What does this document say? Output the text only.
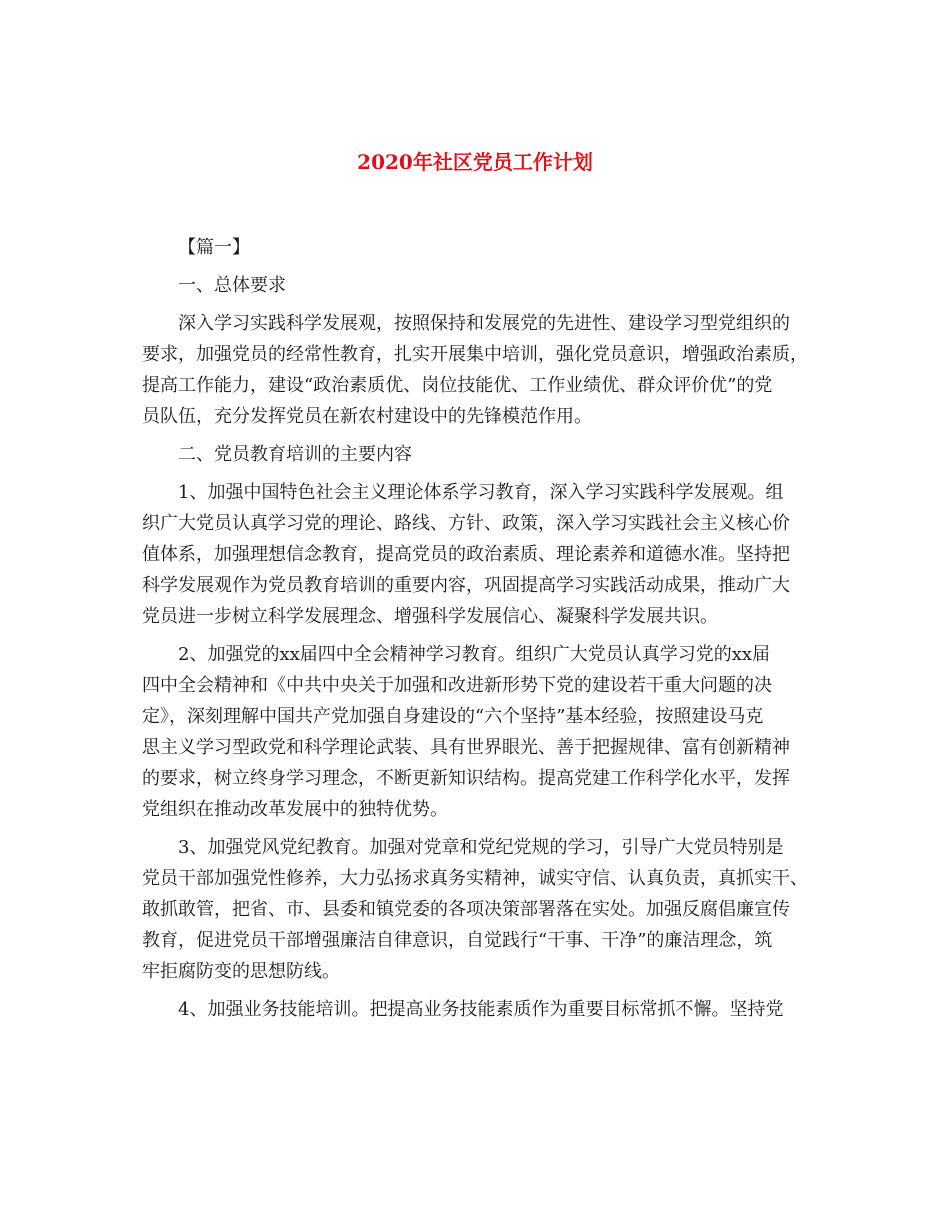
2020年社区党员工作计划
【篇一】
一、总体要求
深入学习实践科学发展观，按照保持和发展党的先进性、建设学习型党组织的
要求，加强党员的经常性教育，扎实开展集中培训，强化党员意识，增强政治素质，
提高工作能力，建设“政治素质优、岗位技能优、工作业绩优、群众评价优”的党
员队伍，充分发挥党员在新农村建设中的先锋模范作用。
二、党员教育培训的主要内容
1、加强中国特色社会主义理论体系学习教育，深入学习实践科学发展观。组
织广大党员认真学习党的理论、路线、方针、政策，深入学习实践社会主义核心价
值体系，加强理想信念教育，提高党员的政治素质、理论素养和道德水准。坚持把
科学发展观作为党员教育培训的重要内容，巩固提高学习实践活动成果，推动广大
党员进一步树立科学发展理念、增强科学发展信心、凝聚科学发展共识。
2、加强党的xx届四中全会精神学习教育。组织广大党员认真学习党的xx届
四中全会精神和《中共中央关于加强和改进新形势下党的建设若干重大问题的决
定》，深刻理解中国共产党加强自身建设的“六个坚持”基本经验，按照建设马克
思主义学习型政党和科学理论武装、具有世界眼光、善于把握规律、富有创新精神
的要求，树立终身学习理念，不断更新知识结构。提高党建工作科学化水平，发挥
党组织在推动改革发展中的独特优势。
3、加强党风党纪教育。加强对党章和党纪党规的学习，引导广大党员特别是
党员干部加强党性修养，大力弘扬求真务实精神，诚实守信、认真负责，真抓实干、
敢抓敢管，把省、市、县委和镇党委的各项决策部署落在实处。加强反腐倡廉宣传
教育，促进党员干部增强廉洁自律意识，自觉践行“干事、干净”的廉洁理念，筑
牢拒腐防变的思想防线。
4、加强业务技能培训。把提高业务技能素质作为重要目标常抓不懈。坚持党
